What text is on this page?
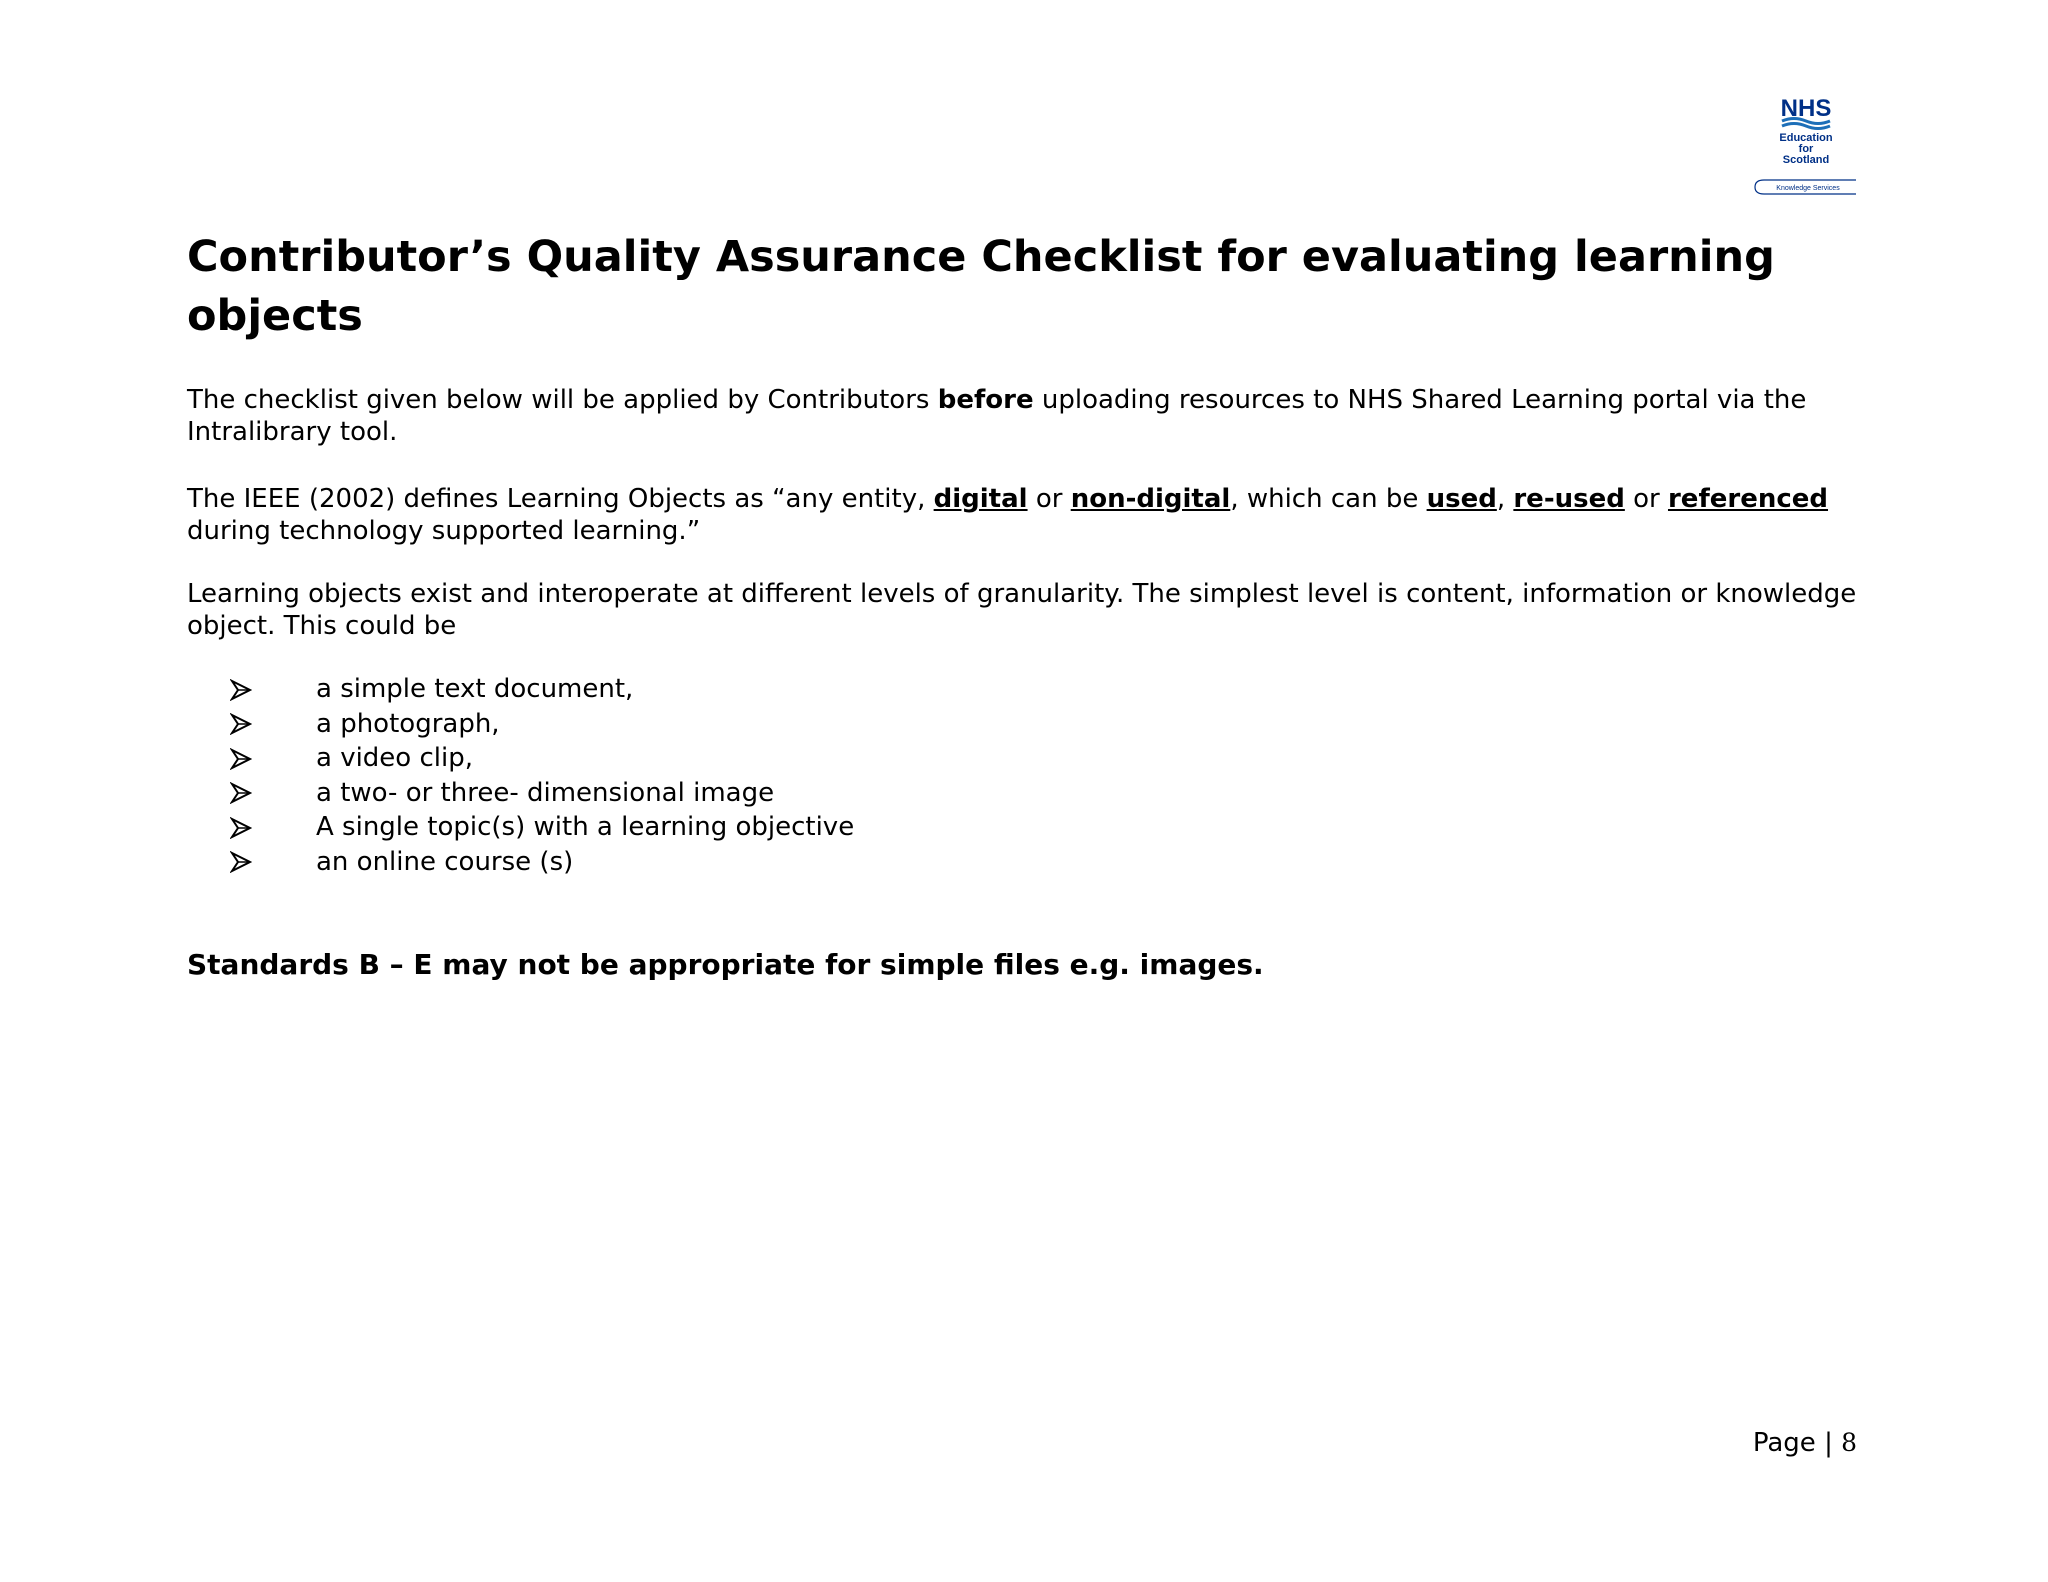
NHS
Education
for
Scotland
Knowledge Services
Contributor’s Quality Assurance Checklist for evaluating learning objects

The checklist given below will be applied by Contributors before uploading resources to NHS Shared Learning portal via the Intralibrary tool.

The IEEE (2002) defines Learning Objects as “any entity, digital or non-digital, which can be used, re-used or referenced during technology supported learning.”

Learning objects exist and interoperate at different levels of granularity. The simplest level is content, information or knowledge object. This could be

a simple text document,
a photograph,
a video clip,
a two- or three- dimensional image
A single topic(s) with a learning objective
an online course (s)

Standards B – E may not be appropriate for simple files e.g. images.

Page | 8
